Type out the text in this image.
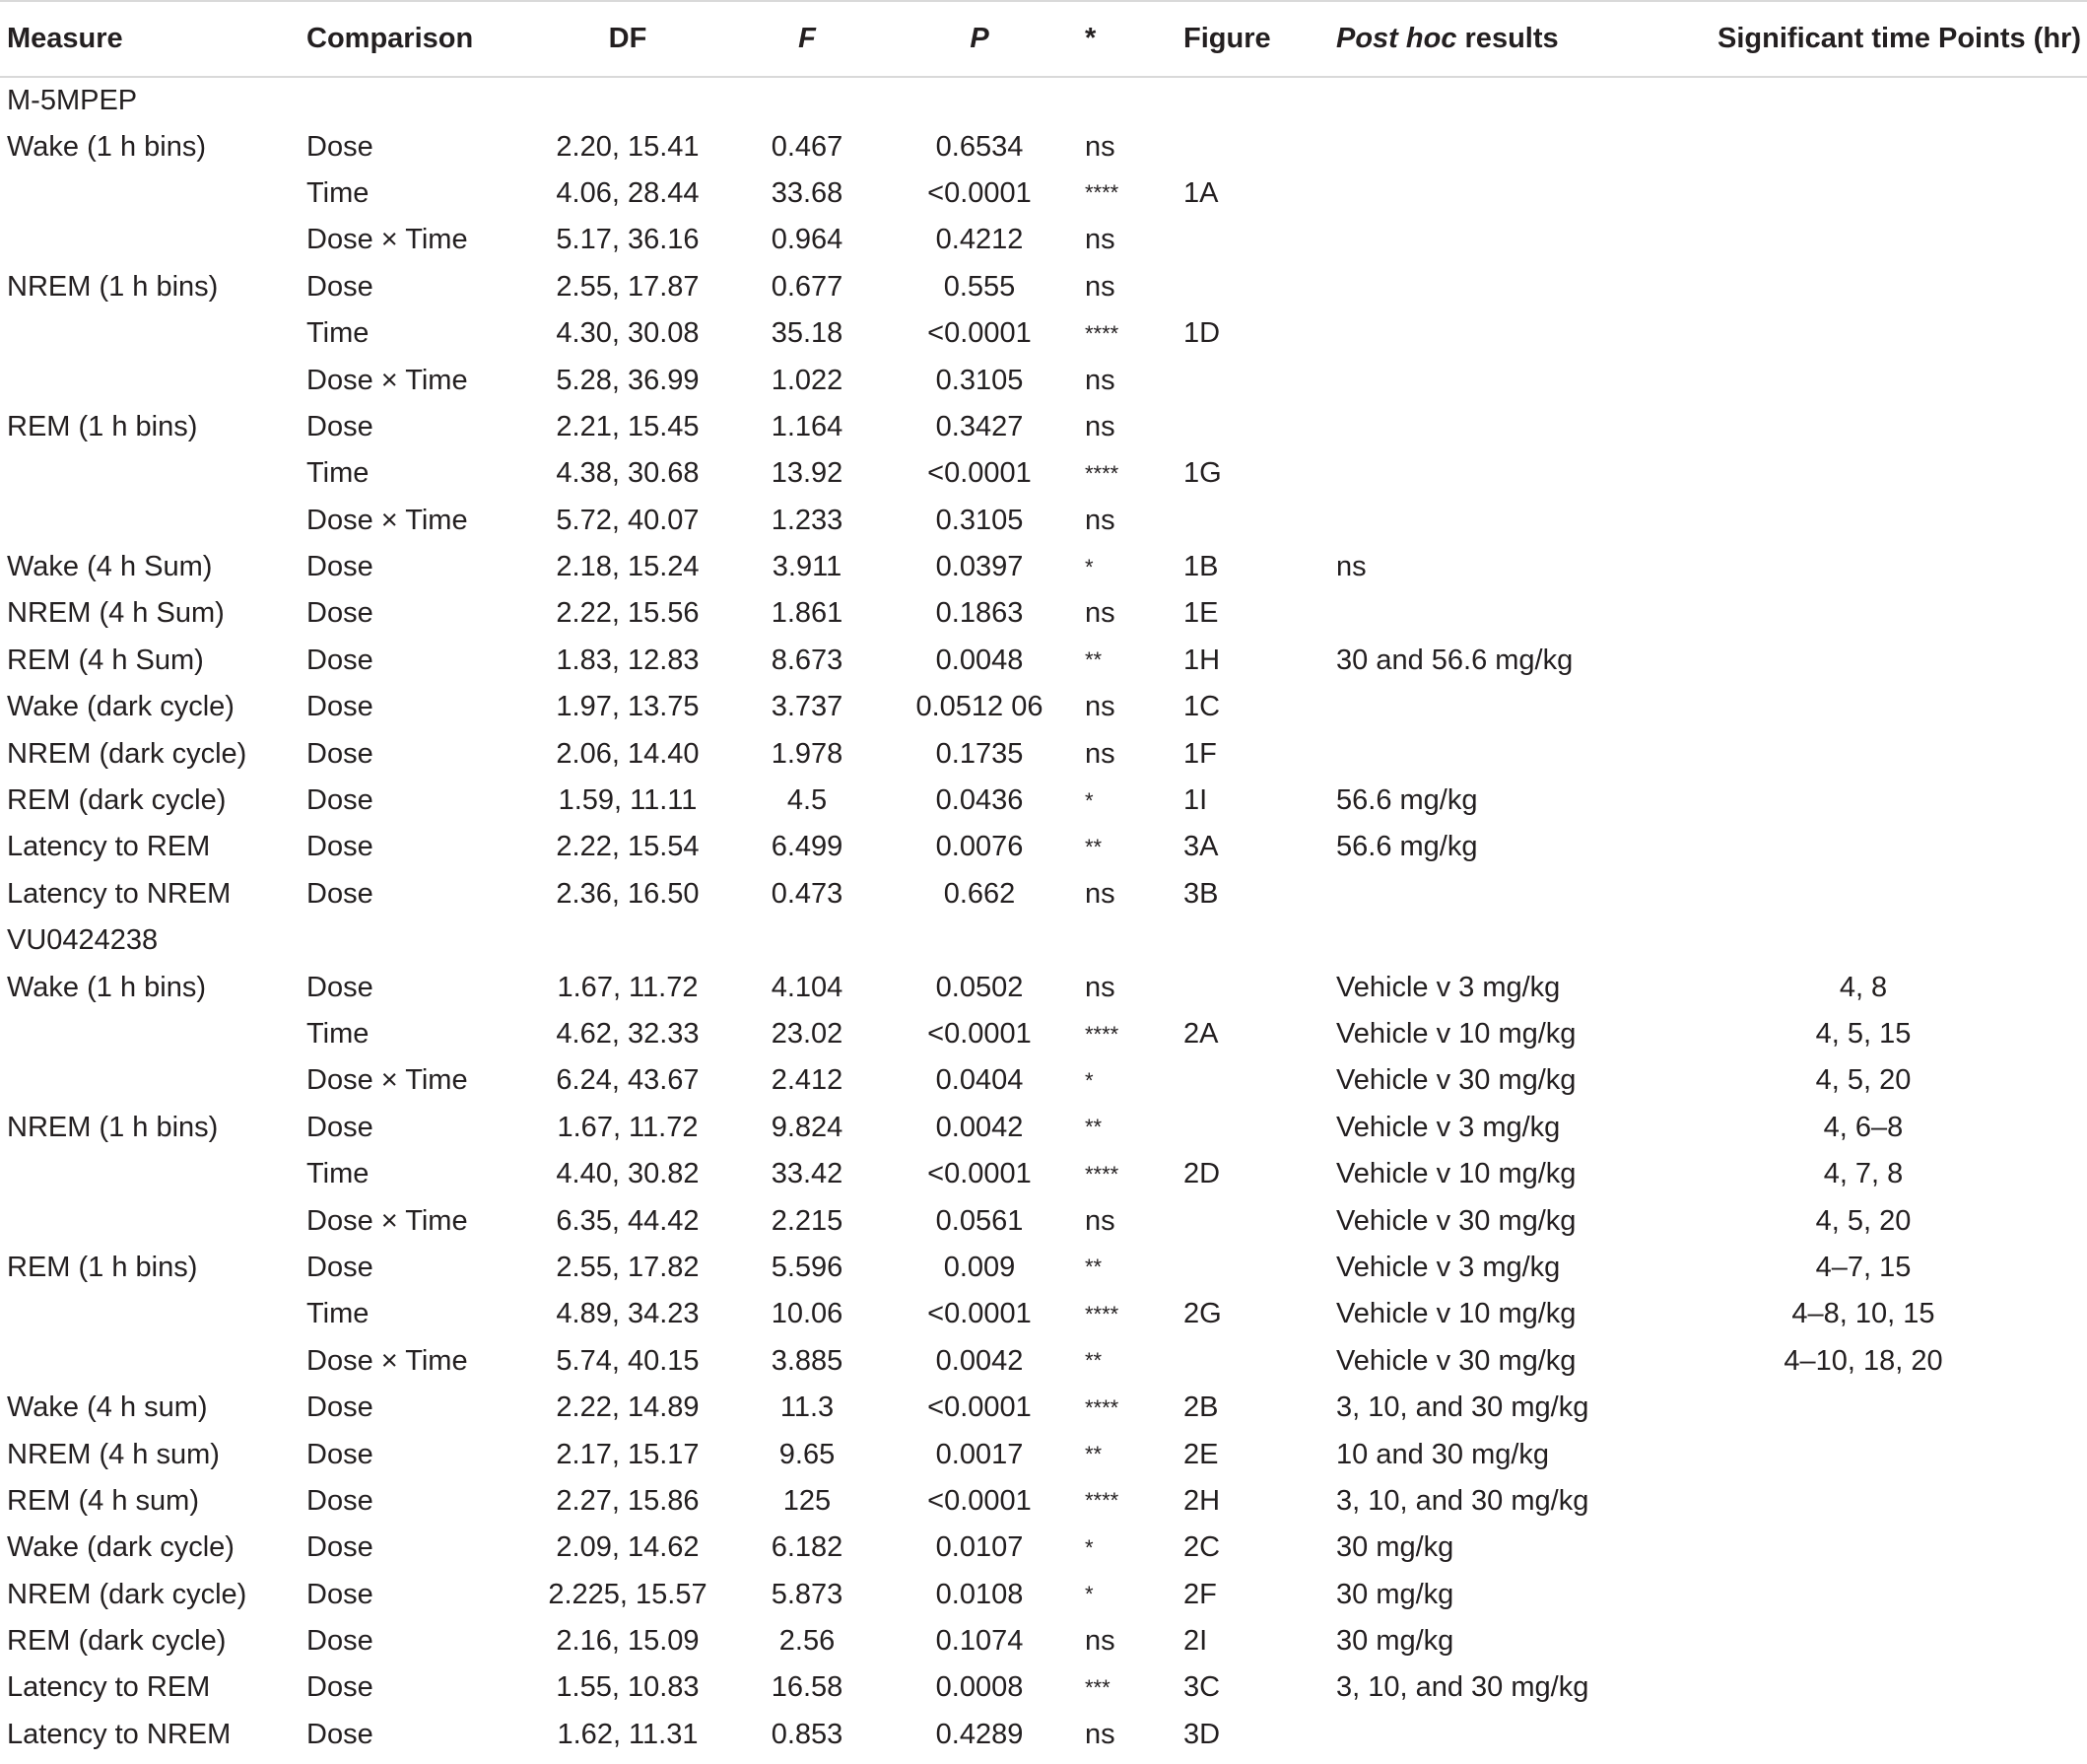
Measure	Comparison	DF	F	P	*	Figure	Post hoc results	Significant time Points (hr)
M-5MPEP								
Wake (1 h bins)	Dose	2.20, 15.41	0.467	0.6534	ns			
	Time	4.06, 28.44	33.68	<0.0001	****	1A		
	Dose × Time	5.17, 36.16	0.964	0.4212	ns			
NREM (1 h bins)	Dose	2.55, 17.87	0.677	0.555	ns			
	Time	4.30, 30.08	35.18	<0.0001	****	1D		
	Dose × Time	5.28, 36.99	1.022	0.3105	ns			
REM (1 h bins)	Dose	2.21, 15.45	1.164	0.3427	ns			
	Time	4.38, 30.68	13.92	<0.0001	****	1G		
	Dose × Time	5.72, 40.07	1.233	0.3105	ns			
Wake (4 h Sum)	Dose	2.18, 15.24	3.911	0.0397	*	1B	ns	
NREM (4 h Sum)	Dose	2.22, 15.56	1.861	0.1863	ns	1E		
REM (4 h Sum)	Dose	1.83, 12.83	8.673	0.0048	**	1H	30 and 56.6 mg/kg	
Wake (dark cycle)	Dose	1.97, 13.75	3.737	0.0512 06	ns	1C		
NREM (dark cycle)	Dose	2.06, 14.40	1.978	0.1735	ns	1F		
REM (dark cycle)	Dose	1.59, 11.11	4.5	0.0436	*	1I	56.6 mg/kg	
Latency to REM	Dose	2.22, 15.54	6.499	0.0076	**	3A	56.6 mg/kg	
Latency to NREM	Dose	2.36, 16.50	0.473	0.662	ns	3B		
VU0424238								
Wake (1 h bins)	Dose	1.67, 11.72	4.104	0.0502	ns		Vehicle v 3 mg/kg	4, 8
	Time	4.62, 32.33	23.02	<0.0001	****	2A	Vehicle v 10 mg/kg	4, 5, 15
	Dose × Time	6.24, 43.67	2.412	0.0404	*		Vehicle v 30 mg/kg	4, 5, 20
NREM (1 h bins)	Dose	1.67, 11.72	9.824	0.0042	**		Vehicle v 3 mg/kg	4, 6–8
	Time	4.40, 30.82	33.42	<0.0001	****	2D	Vehicle v 10 mg/kg	4, 7, 8
	Dose × Time	6.35, 44.42	2.215	0.0561	ns		Vehicle v 30 mg/kg	4, 5, 20
REM (1 h bins)	Dose	2.55, 17.82	5.596	0.009	**		Vehicle v 3 mg/kg	4–7, 15
	Time	4.89, 34.23	10.06	<0.0001	****	2G	Vehicle v 10 mg/kg	4–8, 10, 15
	Dose × Time	5.74, 40.15	3.885	0.0042	**		Vehicle v 30 mg/kg	4–10, 18, 20
Wake (4 h sum)	Dose	2.22, 14.89	11.3	<0.0001	****	2B	3, 10, and 30 mg/kg	
NREM (4 h sum)	Dose	2.17, 15.17	9.65	0.0017	**	2E	10 and 30 mg/kg	
REM (4 h sum)	Dose	2.27, 15.86	125	<0.0001	****	2H	3, 10, and 30 mg/kg	
Wake (dark cycle)	Dose	2.09, 14.62	6.182	0.0107	*	2C	30 mg/kg	
NREM (dark cycle)	Dose	2.225, 15.57	5.873	0.0108	*	2F	30 mg/kg	
REM (dark cycle)	Dose	2.16, 15.09	2.56	0.1074	ns	2I	30 mg/kg	
Latency to REM	Dose	1.55, 10.83	16.58	0.0008	***	3C	3, 10, and 30 mg/kg	
Latency to NREM	Dose	1.62, 11.31	0.853	0.4289	ns	3D		
